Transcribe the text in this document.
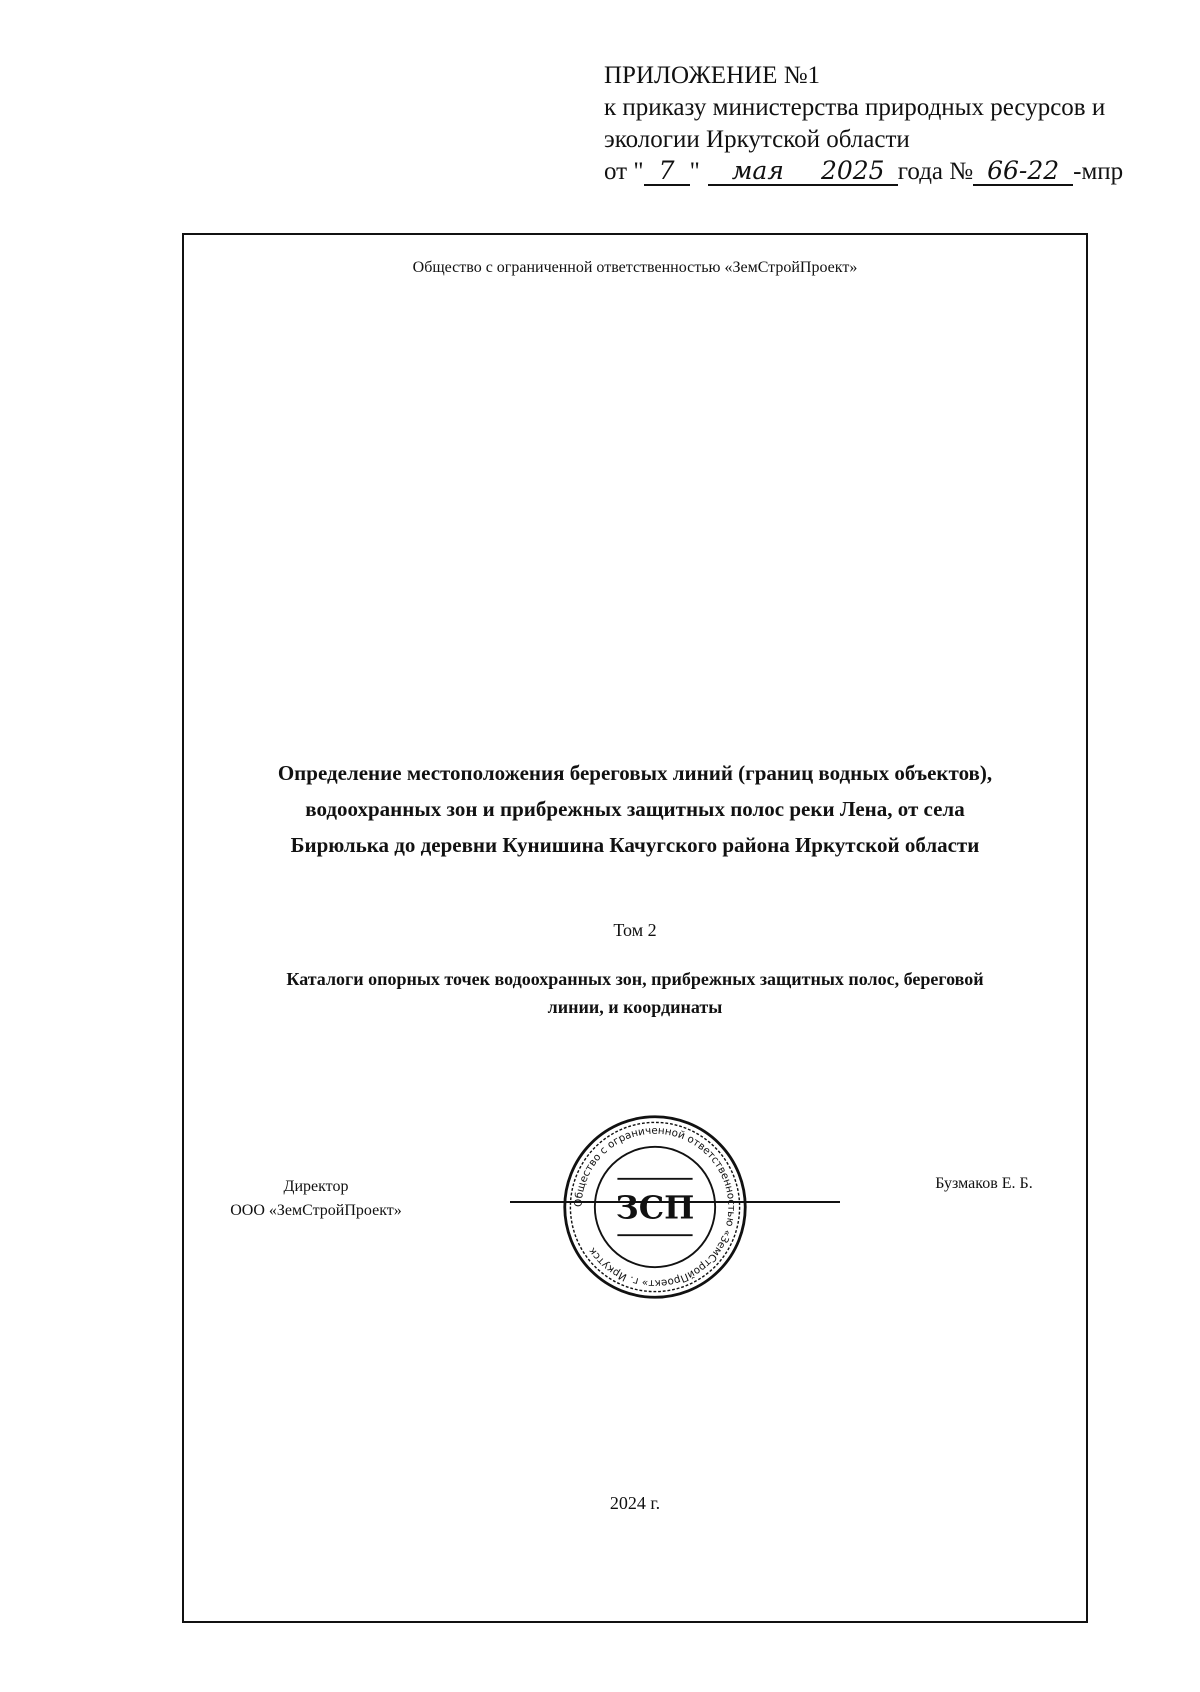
ПРИЛОЖЕНИЕ №1
к приказу министерства природных ресурсов и
экологии Иркутской области
от " 7 " мая 2025 года № 66-22 -мпр
Общество с ограниченной ответственностью «ЗемСтройПроект»
Определение местоположения береговых линий (границ водных объектов),
водоохранных зон и прибрежных защитных полос реки Лена, от села
Бирюлька до деревни Кунишина Качугского района Иркутской области
Том 2
Каталоги опорных точек водоохранных зон, прибрежных защитных полос, береговой
линии, и координаты
Директор
ООО «ЗемСтройПроект»	Общество с ограниченной ответственностью «ЗемСтройПроект» г. Иркутск
ЗСП
Бузмаков Е. Б.
2024 г.
